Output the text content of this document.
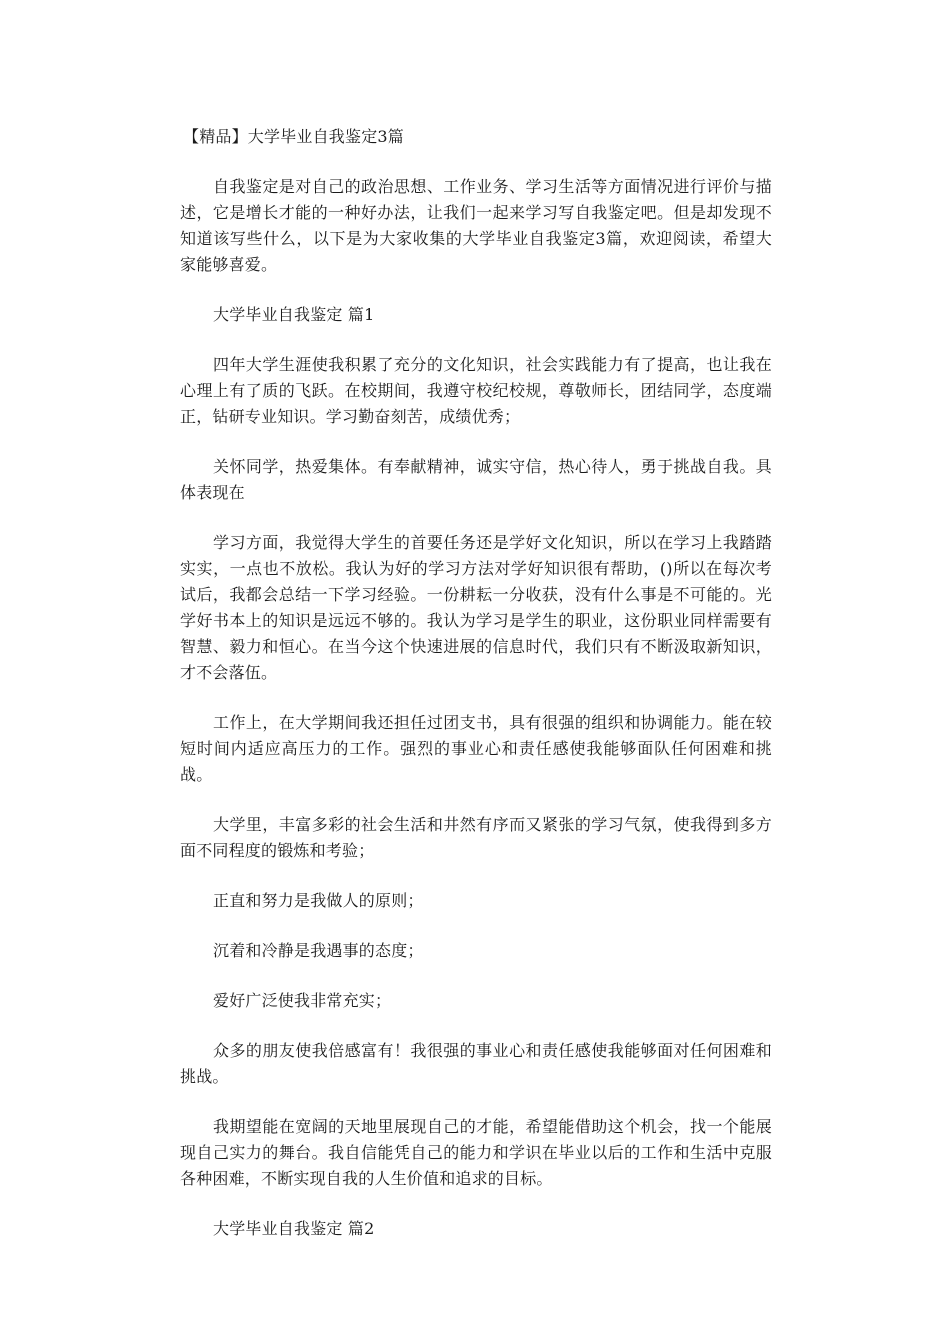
【精品】大学毕业自我鉴定3篇

自我鉴定是对自己的政治思想、工作业务、学习生活等方面情况进行评价与描述，它是增长才能的一种好办法，让我们一起来学习写自我鉴定吧。但是却发现不知道该写些什么，以下是为大家收集的大学毕业自我鉴定3篇，欢迎阅读，希望大家能够喜爱。

大学毕业自我鉴定 篇1

四年大学生涯使我积累了充分的文化知识，社会实践能力有了提高，也让我在心理上有了质的飞跃。在校期间，我遵守校纪校规，尊敬师长，团结同学，态度端正，钻研专业知识。学习勤奋刻苦，成绩优秀；

关怀同学，热爱集体。有奉献精神，诚实守信，热心待人，勇于挑战自我。具体表现在

学习方面，我觉得大学生的首要任务还是学好文化知识，所以在学习上我踏踏实实，一点也不放松。我认为好的学习方法对学好知识很有帮助，()所以在每次考试后，我都会总结一下学习经验。一份耕耘一分收获，没有什么事是不可能的。光学好书本上的知识是远远不够的。我认为学习是学生的职业，这份职业同样需要有智慧、毅力和恒心。在当今这个快速进展的信息时代，我们只有不断汲取新知识，才不会落伍。

工作上，在大学期间我还担任过团支书，具有很强的组织和协调能力。能在较短时间内适应高压力的工作。强烈的事业心和责任感使我能够面队任何困难和挑战。

大学里，丰富多彩的社会生活和井然有序而又紧张的学习气氛，使我得到多方面不同程度的锻炼和考验；

正直和努力是我做人的原则；

沉着和冷静是我遇事的态度；

爱好广泛使我非常充实；

众多的朋友使我倍感富有！我很强的事业心和责任感使我能够面对任何困难和挑战。

我期望能在宽阔的天地里展现自己的才能，希望能借助这个机会，找一个能展现自己实力的舞台。我自信能凭自己的能力和学识在毕业以后的工作和生活中克服各种困难，不断实现自我的人生价值和追求的目标。

大学毕业自我鉴定 篇2
